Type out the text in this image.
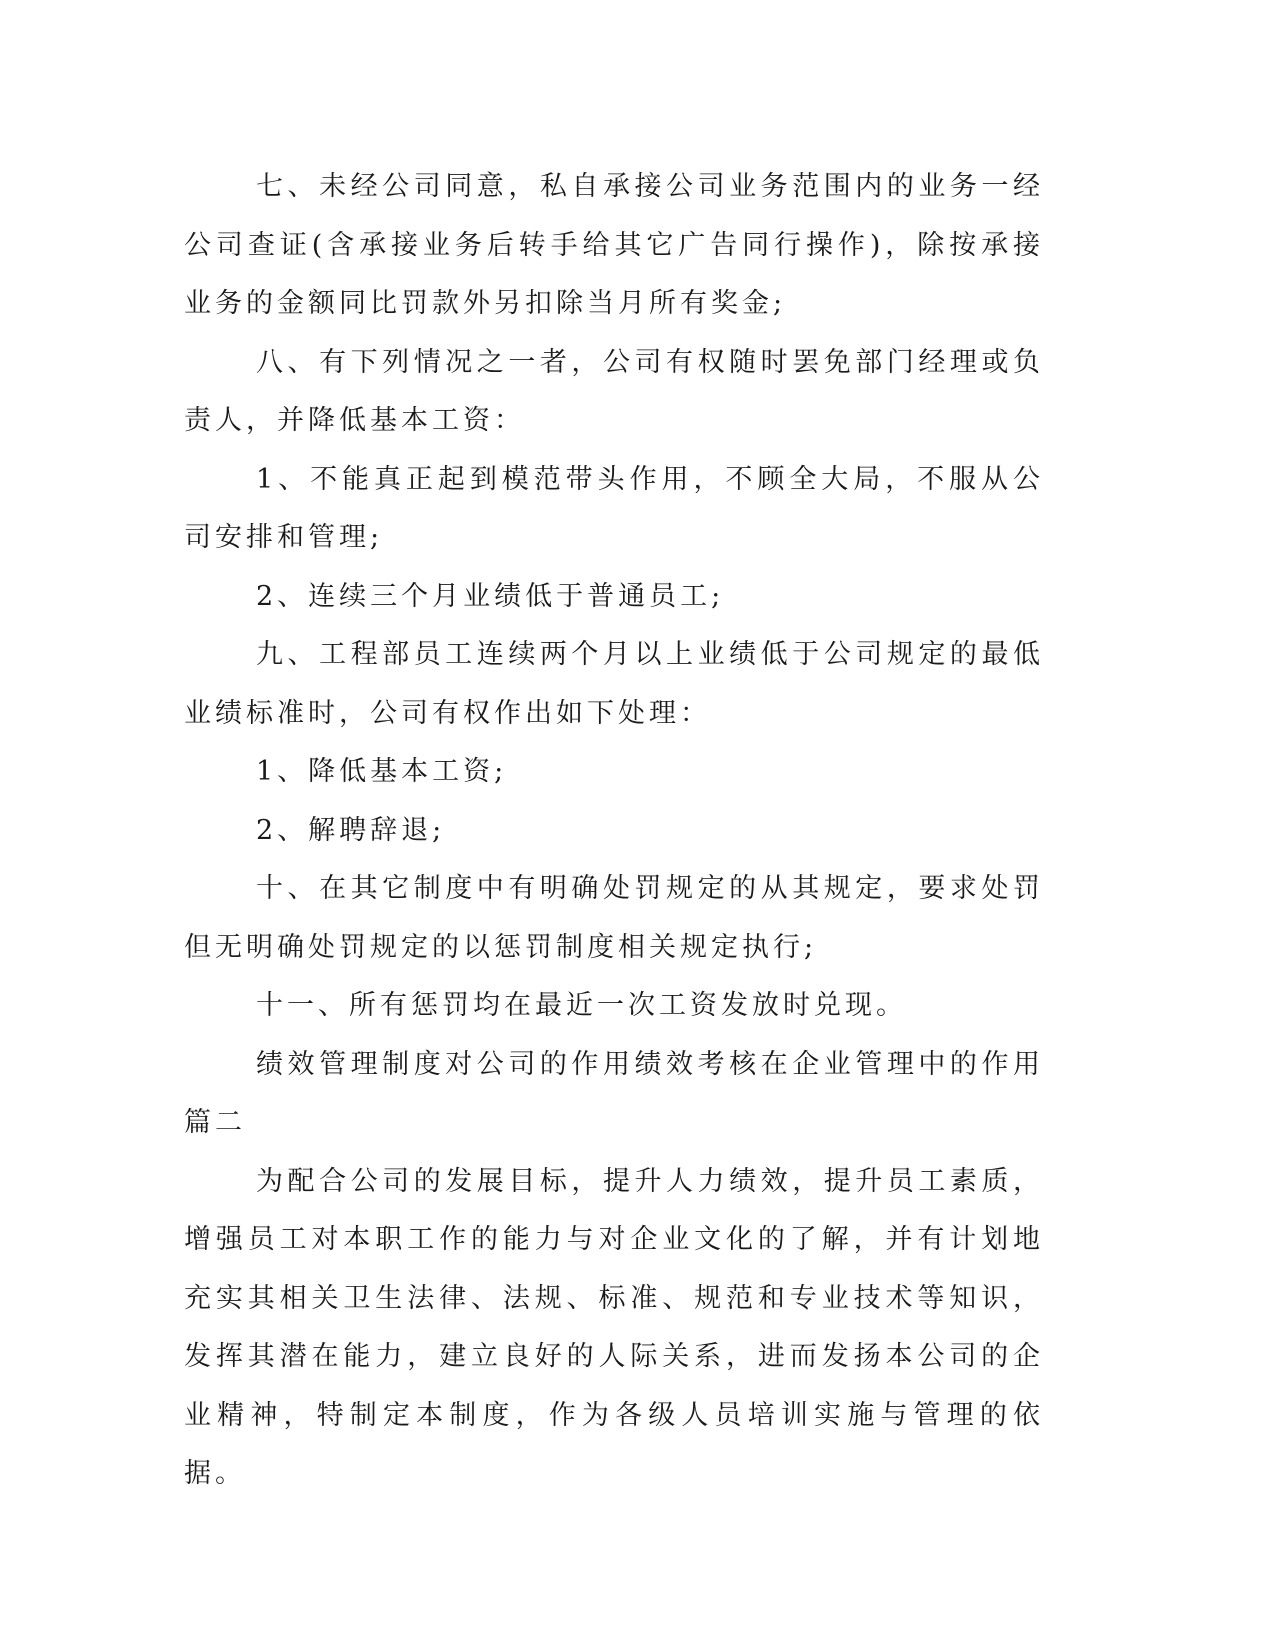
七、未经公司同意，私自承接公司业务范围内的业务一经公司查证(含承接业务后转手给其它广告同行操作)，除按承接业务的金额同比罚款外另扣除当月所有奖金;

八、有下列情况之一者，公司有权随时罢免部门经理或负责人，并降低基本工资：

1、不能真正起到模范带头作用，不顾全大局，不服从公司安排和管理;

2、连续三个月业绩低于普通员工;

九、工程部员工连续两个月以上业绩低于公司规定的最低业绩标准时，公司有权作出如下处理：

1、降低基本工资;

2、解聘辞退;

十、在其它制度中有明确处罚规定的从其规定，要求处罚但无明确处罚规定的以惩罚制度相关规定执行;

十一、所有惩罚均在最近一次工资发放时兑现。

绩效管理制度对公司的作用绩效考核在企业管理中的作用篇二

为配合公司的发展目标，提升人力绩效，提升员工素质，增强员工对本职工作的能力与对企业文化的了解，并有计划地充实其相关卫生法律、法规、标准、规范和专业技术等知识，发挥其潜在能力，建立良好的人际关系，进而发扬本公司的企业精神，特制定本制度，作为各级人员培训实施与管理的依据。
